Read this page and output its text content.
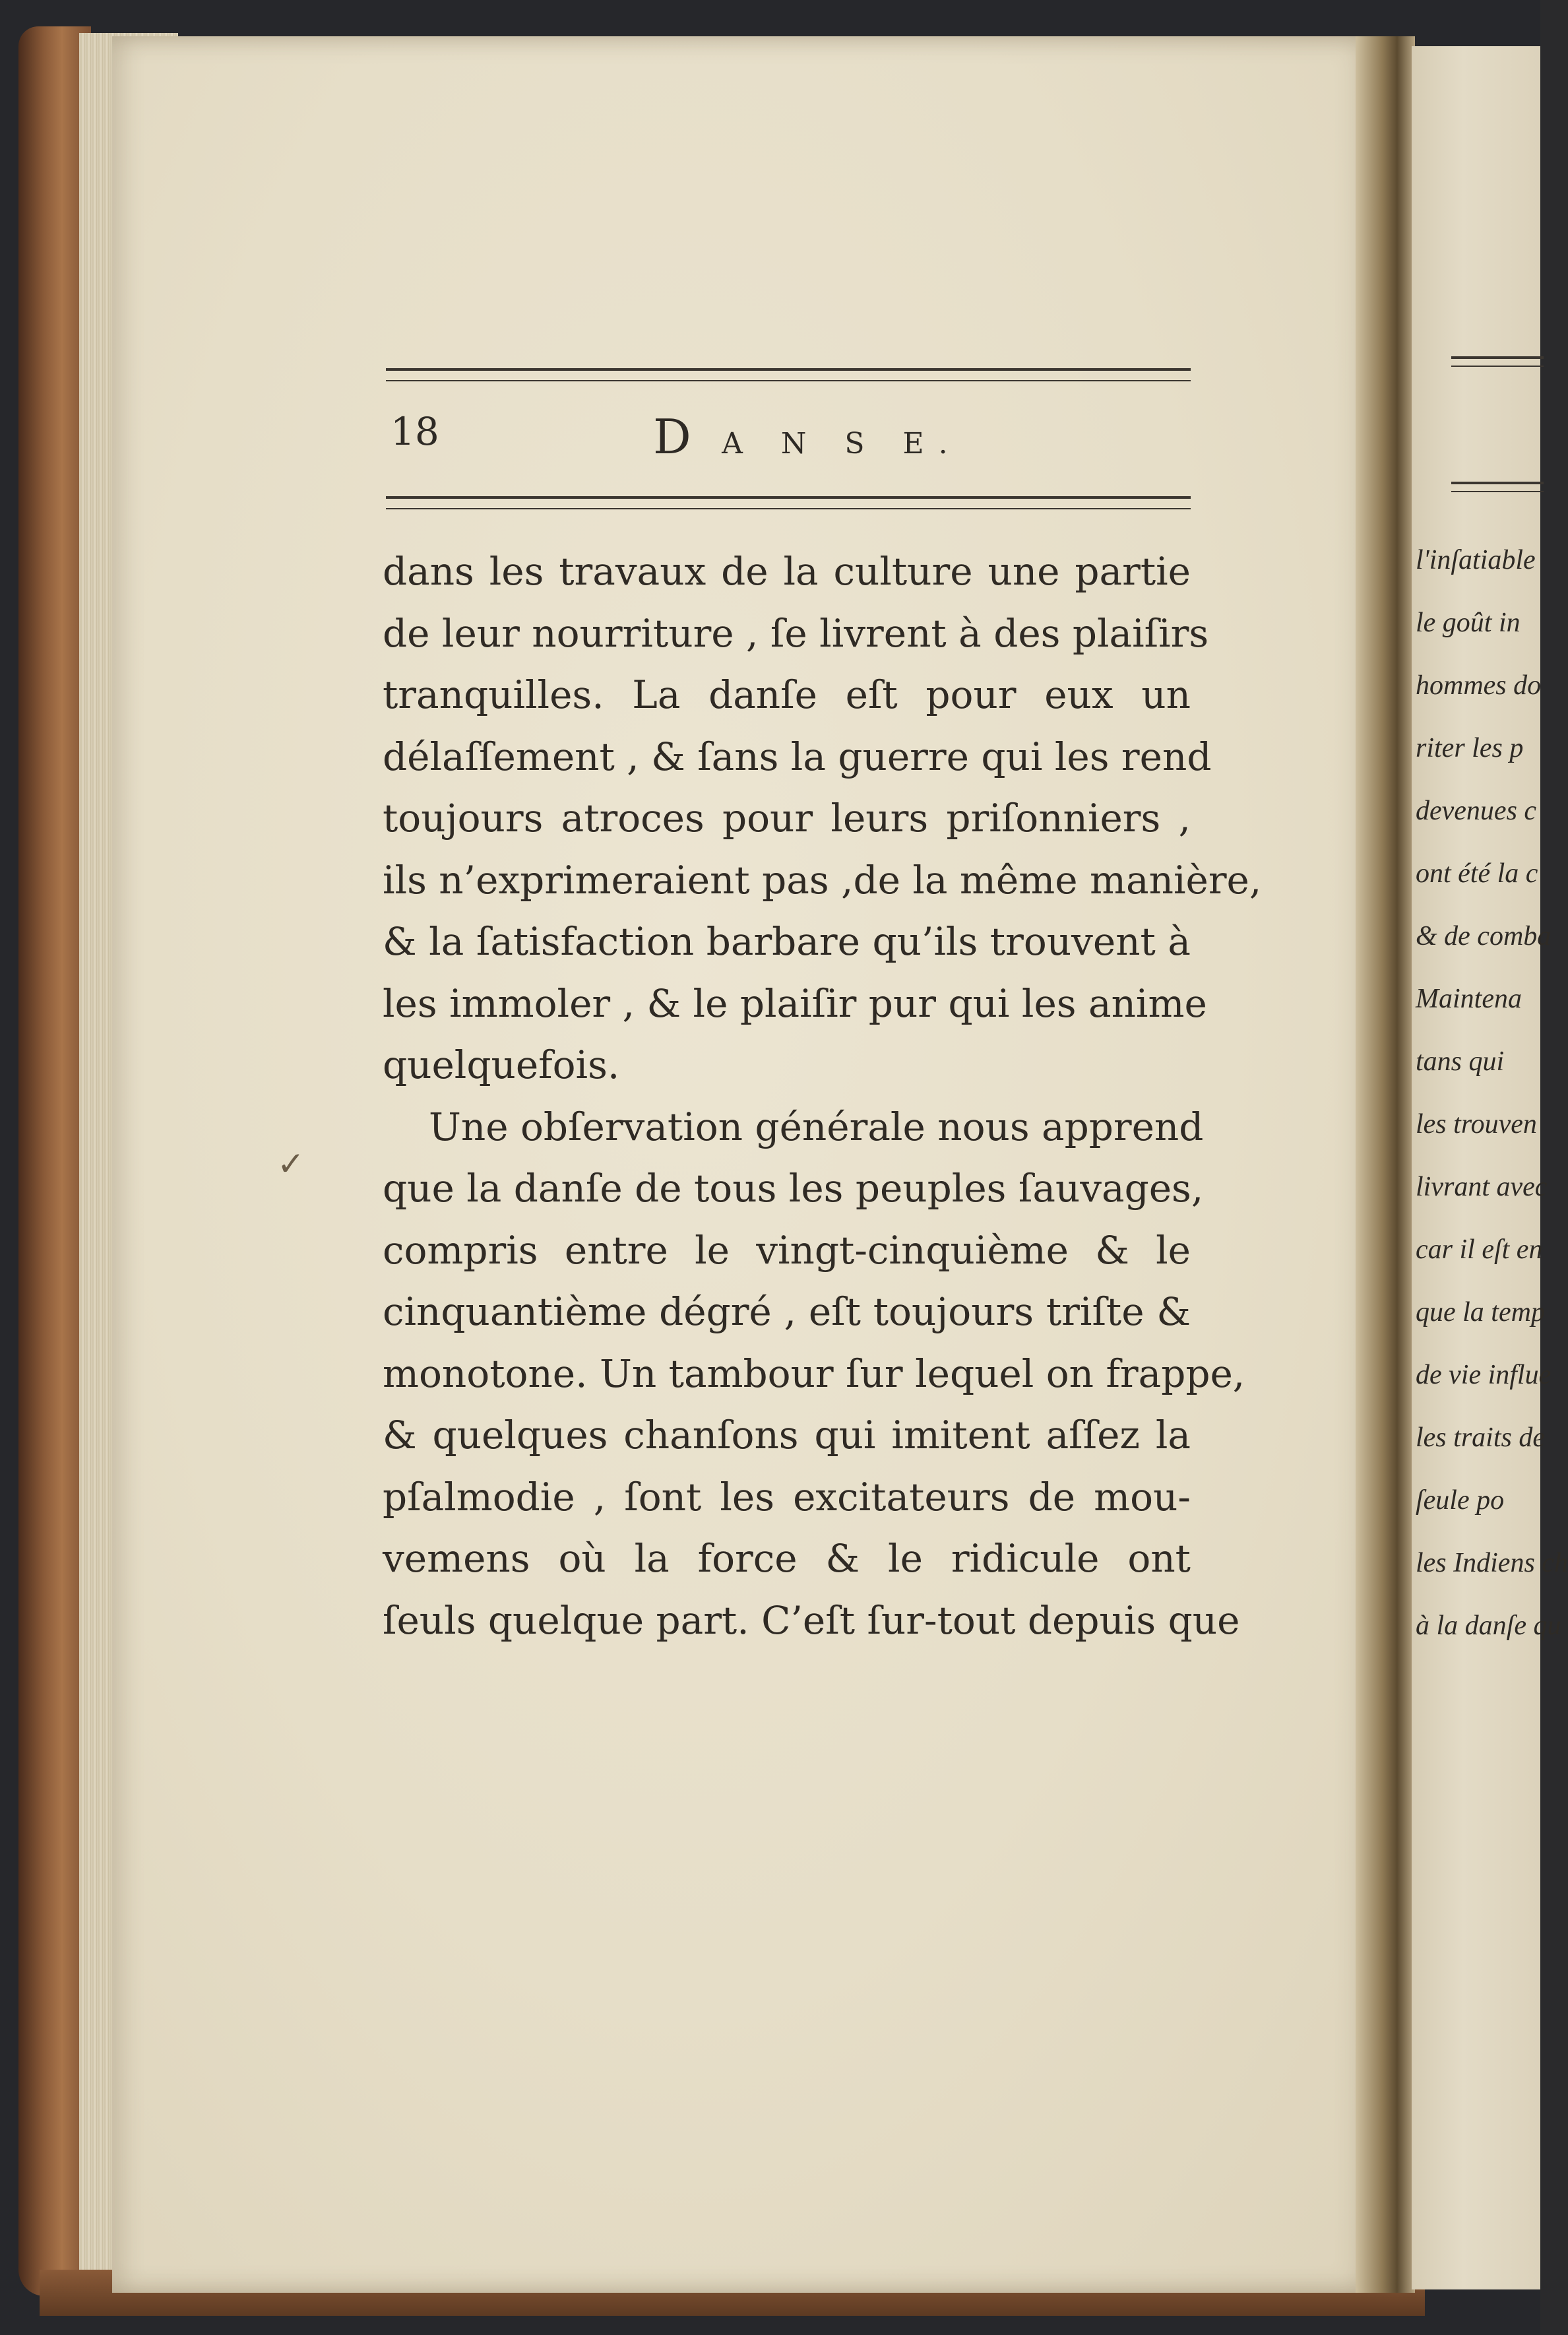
18	D A N S E.
dans les travaux de la culture une partie
de leur nourriture , ſe livrent à des plaiſirs
tranquilles. La danſe eſt pour eux un
délaſſement , & ſans la guerre qui les rend
toujours atroces pour leurs priſonniers ,
ils n’exprimeraient pas ,de la même manière,
& la ſatisfaction barbare qu’ils trouvent à
les immoler , & le plaiſir pur qui les anime
quelquefois.
Une obſervation générale nous apprend
que la danſe de tous les peuples ſauvages,
compris entre le vingt-cinquième & le
cinquantième dégré , eſt toujours triſte &
monotone. Un tambour ſur lequel on frappe,
& quelques chanſons qui imitent aſſez la
pſalmodie , ſont les excitateurs de mou-
vemens où la force & le ridicule ont
ſeuls quelque part. C’eſt ſur-tout depuis que
✓
l'inſatiable
le goût in
hommes do
riter les p
devenues c
ont été la c
& de comba
Maintena
tans qui
les trouven
livrant avec
car il eſt en
que la temp
de vie influe
les traits de
ſeule po
les Indiens ch
à la danſe qu
